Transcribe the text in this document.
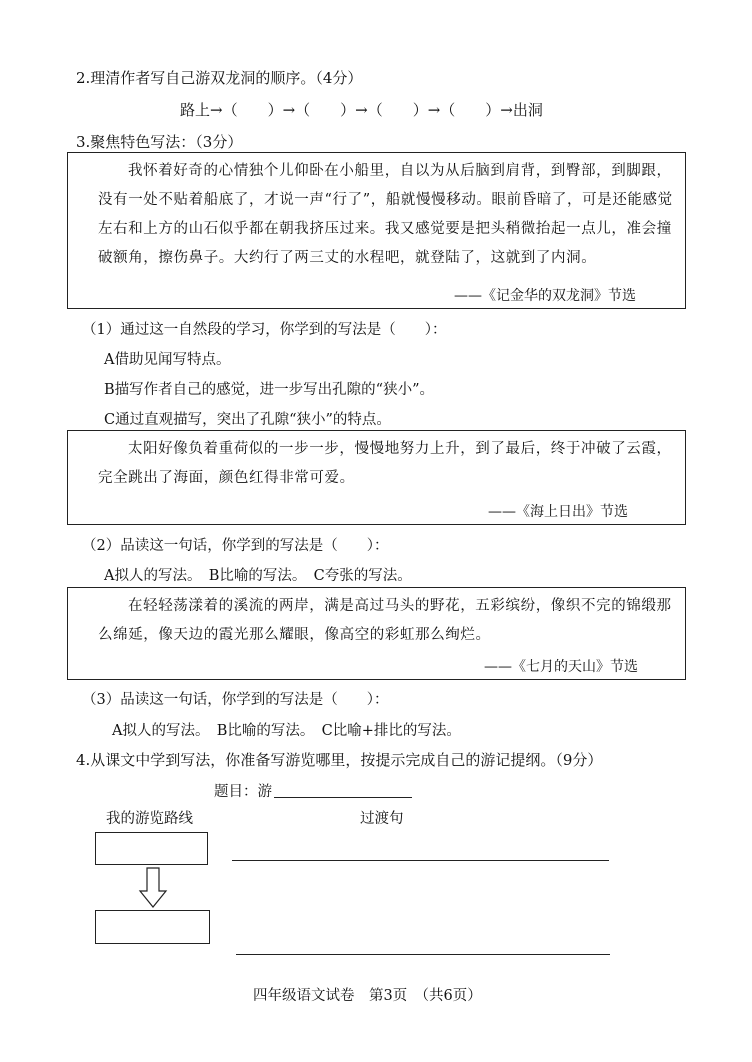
2.理清作者写自己游双龙洞的顺序。（4分）
路上→（　　）→（　　）→（　　）→（　　）→出洞
3.聚焦特色写法：（3分）
我怀着好奇的心情独个儿仰卧在小船里，自以为从后脑到肩背，到臀部，到脚跟，没有一处不贴着船底了，才说一声“行了”，船就慢慢移动。眼前昏暗了，可是还能感觉左右和上方的山石似乎都在朝我挤压过来。我又感觉要是把头稍微抬起一点儿，准会撞破额角，擦伤鼻子。大约行了两三丈的水程吧，就登陆了，这就到了内洞。
——《记金华的双龙洞》节选
（1）通过这一自然段的学习，你学到的写法是（　　）：
A借助见闻写特点。
B描写作者自己的感觉，进一步写出孔隙的“狭小”。
C通过直观描写，突出了孔隙“狭小”的特点。
太阳好像负着重荷似的一步一步，慢慢地努力上升，到了最后，终于冲破了云霞，完全跳出了海面，颜色红得非常可爱。
——《海上日出》节选
（2）品读这一句话，你学到的写法是（　　）：
A拟人的写法。　B比喻的写法。　C夸张的写法。
在轻轻荡漾着的溪流的两岸，满是高过马头的野花，五彩缤纷，像织不完的锦缎那么绵延，像天边的霞光那么耀眼，像高空的彩虹那么绚烂。
——《七月的天山》节选
（3）品读这一句话，你学到的写法是（　　）：
A拟人的写法。　B比喻的写法。　C比喻+排比的写法。
4.从课文中学到写法，你准备写游览哪里，按提示完成自己的游记提纲。（9分）
题目：游
我的游览路线	过渡句
四年级语文试卷　第3页　（共6页）
